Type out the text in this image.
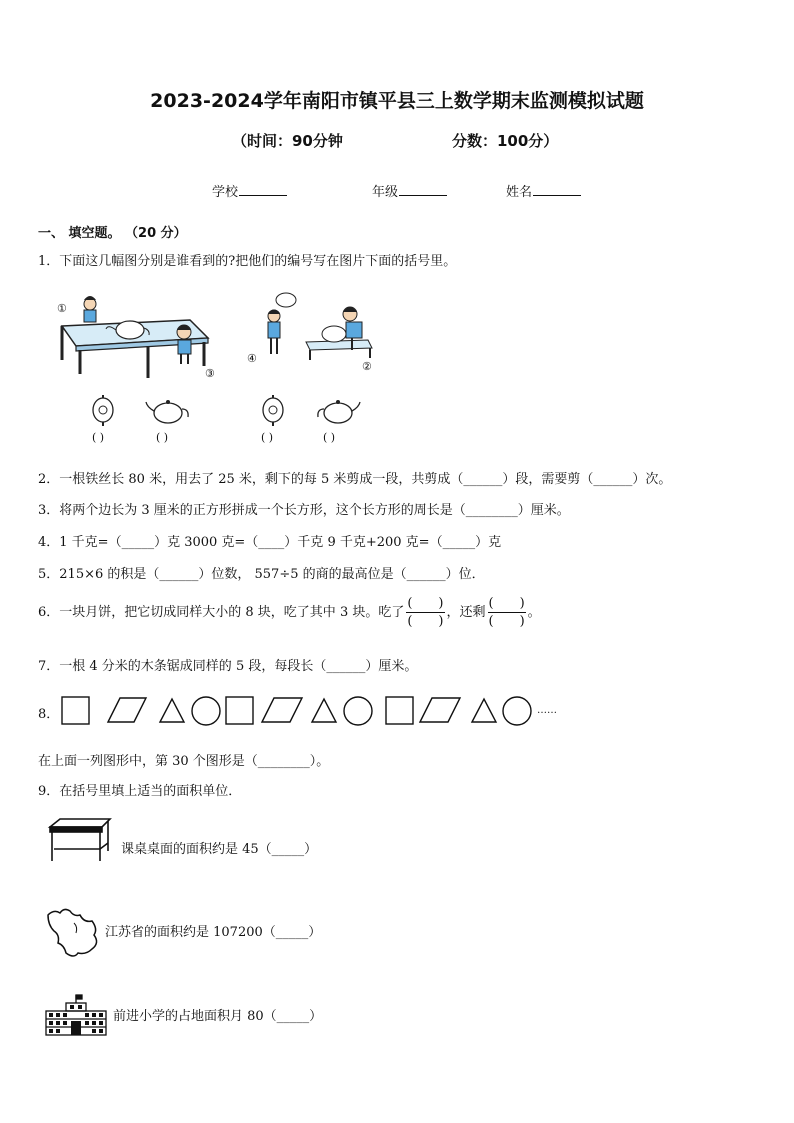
2023-2024学年南阳市镇平县三上数学期末监测模拟试题
（时间：90分钟	分数：100分）
学校	年级	姓名
一、 填空题。 （20 分）
1．下面这几幅图分别是谁看到的?把他们的编号写在图片下面的括号里。
①
③
④
②
( )	( )	( )	( )
2．一根铁丝长 80 米，用去了 25 米，剩下的每 5 米剪成一段，共剪成（______）段，需要剪（______）次。
3．将两个边长为 3 厘米的正方形拼成一个长方形，这个长方形的周长是（________）厘米。
4．1 千克=（_____）克 3000 克=（____）千克 9 千克+200 克=（_____）克
5．215×6 的积是（______）位数， 557÷5 的商的最高位是（______）位．
6．一块月饼，把它切成同样大小的 8 块，吃了其中 3 块。吃了 $\frac{( )}{( )}$ ，还剩 $\frac{( )}{( )}$ 。
7．一根 4 分米的木条锯成同样的 5 段，每段长（______）厘米。
8．	……
在上面一列图形中，第 30 个图形是（________）。
9．在括号里填上适当的面积单位．
课桌桌面的面积约是 45（_____）
江苏省的面积约是 107200（_____）
前进小学的占地面积月 80（_____）
